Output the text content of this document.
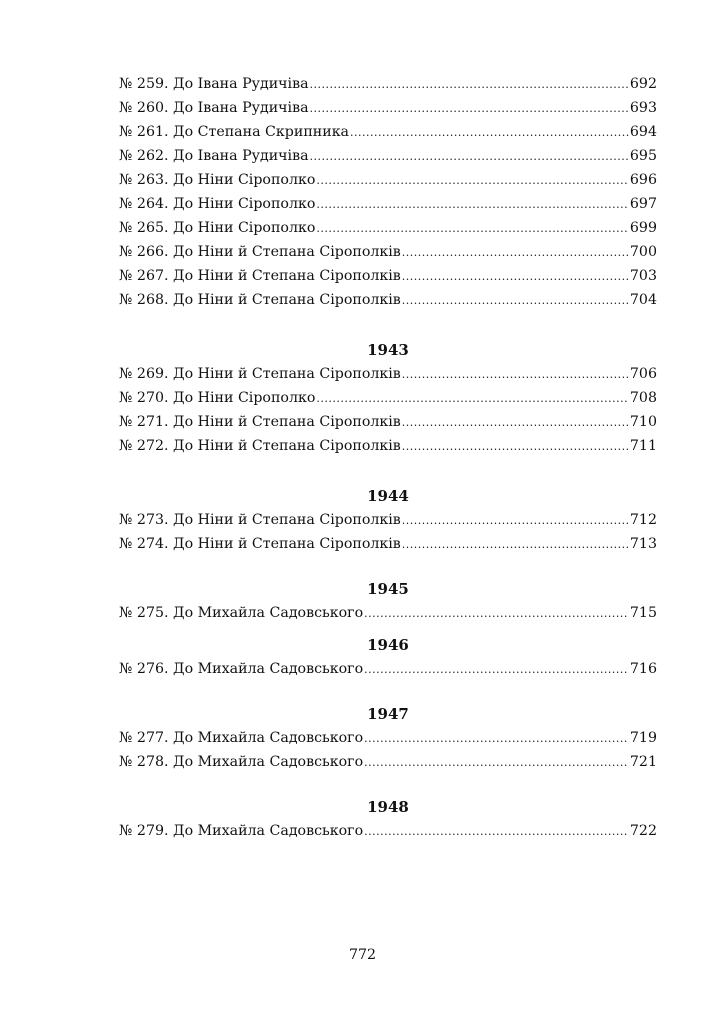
№ 259. До Івана Рудичіва .....	692
№ 260. До Івана Рудичіва .....	693
№ 261. До Степана Скрипника .....	694
№ 262. До Івана Рудичіва .....	695
№ 263. До Ніни Сірополко .....	696
№ 264. До Ніни Сірополко .....	697
№ 265. До Ніни Сірополко .....	699
№ 266. До Ніни й Степана Сірополків .....	700
№ 267. До Ніни й Степана Сірополків .....	703
№ 268. До Ніни й Степана Сірополків .....	704
1943
№ 269. До Ніни й Степана Сірополків .....	706
№ 270. До Ніни Сірополко .....	708
№ 271. До Ніни й Степана Сірополків .....	710
№ 272. До Ніни й Степана Сірополків .....	711
1944
№ 273. До Ніни й Степана Сірополків .....	712
№ 274. До Ніни й Степана Сірополків .....	713
1945
№ 275. До Михайла Садовського .....	715
1946
№ 276. До Михайла Садовського .....	716
1947
№ 277. До Михайла Садовського .....	719
№ 278. До Михайла Садовського .....	721
1948
№ 279. До Михайла Садовського .....	722
772
